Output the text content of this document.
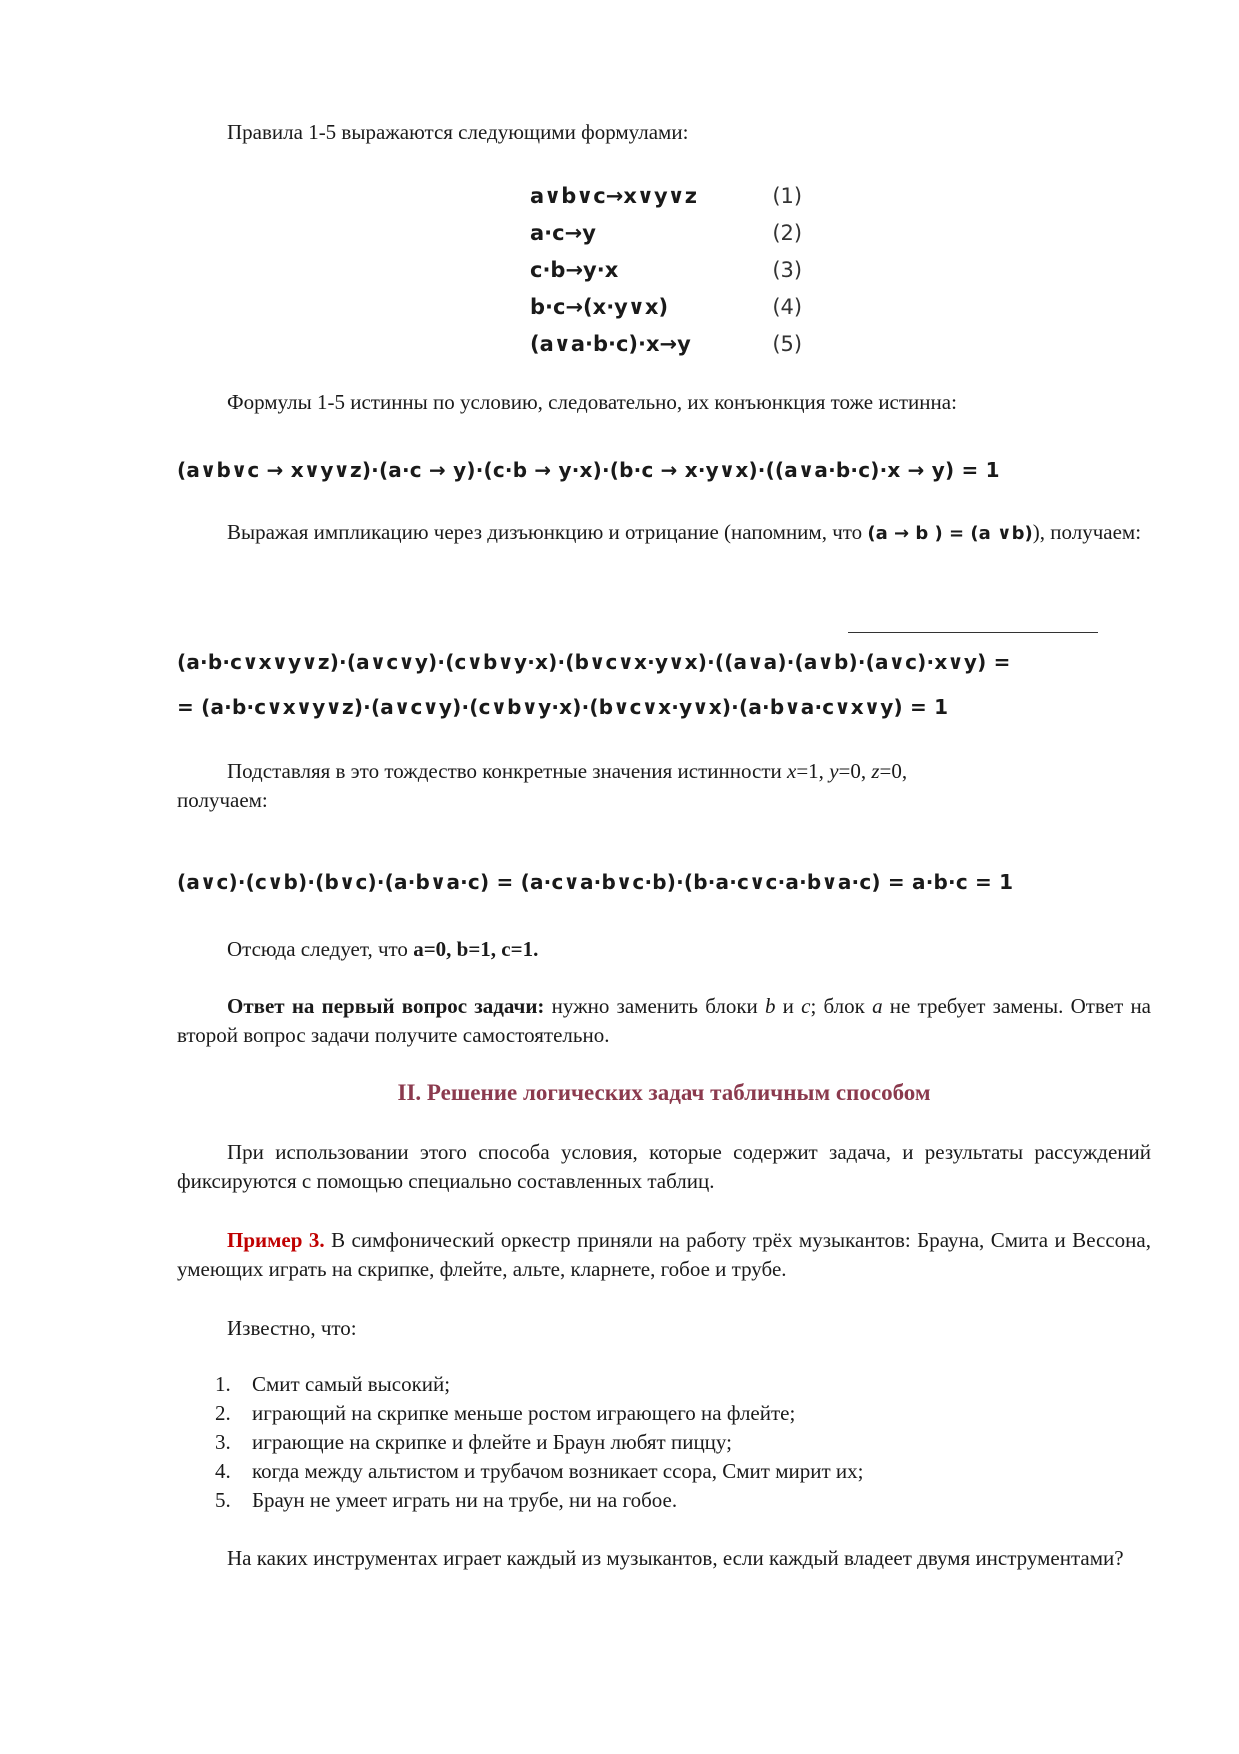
Правила 1-5 выражаются следующими формулами:

a∨b∨c→x∨y∨z	(1)
a·c→y	(2)
c·b→y·x	(3)
b·c→(x·y∨x)	(4)
(a∨a·b·c)·x→y	(5)

Формулы 1-5 истинны по условию, следовательно, их конъюнкция тоже истинна:

(a∨b∨c → x∨y∨z)·(a·c → y)·(c·b → y·x)·(b·c → x·y∨x)·((a∨a·b·c)·x → y) = 1

Выражая импликацию через дизъюнкцию и отрицание (напомним, что (a → b ) = (a ∨b)), получаем:

(a·b·c∨x∨y∨z)·(a∨c∨y)·(c∨b∨y·x)·(b∨c∨x·y∨x)·((a∨a)·(a∨b)·(a∨c)·x∨y) =
= (a·b·c∨x∨y∨z)·(a∨c∨y)·(c∨b∨y·x)·(b∨c∨x·y∨x)·(a·b∨a·c∨x∨y) = 1

Подставляя в это тождество конкретные значения истинности x=1, y=0, z=0,

получаем:

(a∨c)·(c∨b)·(b∨c)·(a·b∨a·c) = (a·c∨a·b∨c·b)·(b·a·c∨c·a·b∨a·c) = a·b·c = 1

Отсюда следует, что a=0, b=1, c=1.

Ответ на первый вопрос задачи: нужно заменить блоки b и c; блок a не требует замены. Ответ на второй вопрос задачи получите самостоятельно.

II. Решение логических задач табличным способом

При использовании этого способа условия, которые содержит задача, и результаты рассуждений фиксируются с помощью специально составленных таблиц.

Пример 3. В симфонический оркестр приняли на работу трёх музыкантов: Брауна, Смита и Вессона, умеющих играть на скрипке, флейте, альте, кларнете, гобое и трубе.

Известно, что:

1. Смит самый высокий;
2. играющий на скрипке меньше ростом играющего на флейте;
3. играющие на скрипке и флейте и Браун любят пиццу;
4. когда между альтистом и трубачом возникает ссора, Смит мирит их;
5. Браун не умеет играть ни на трубе, ни на гобое.

На каких инструментах играет каждый из музыкантов, если каждый владеет двумя инструментами?
